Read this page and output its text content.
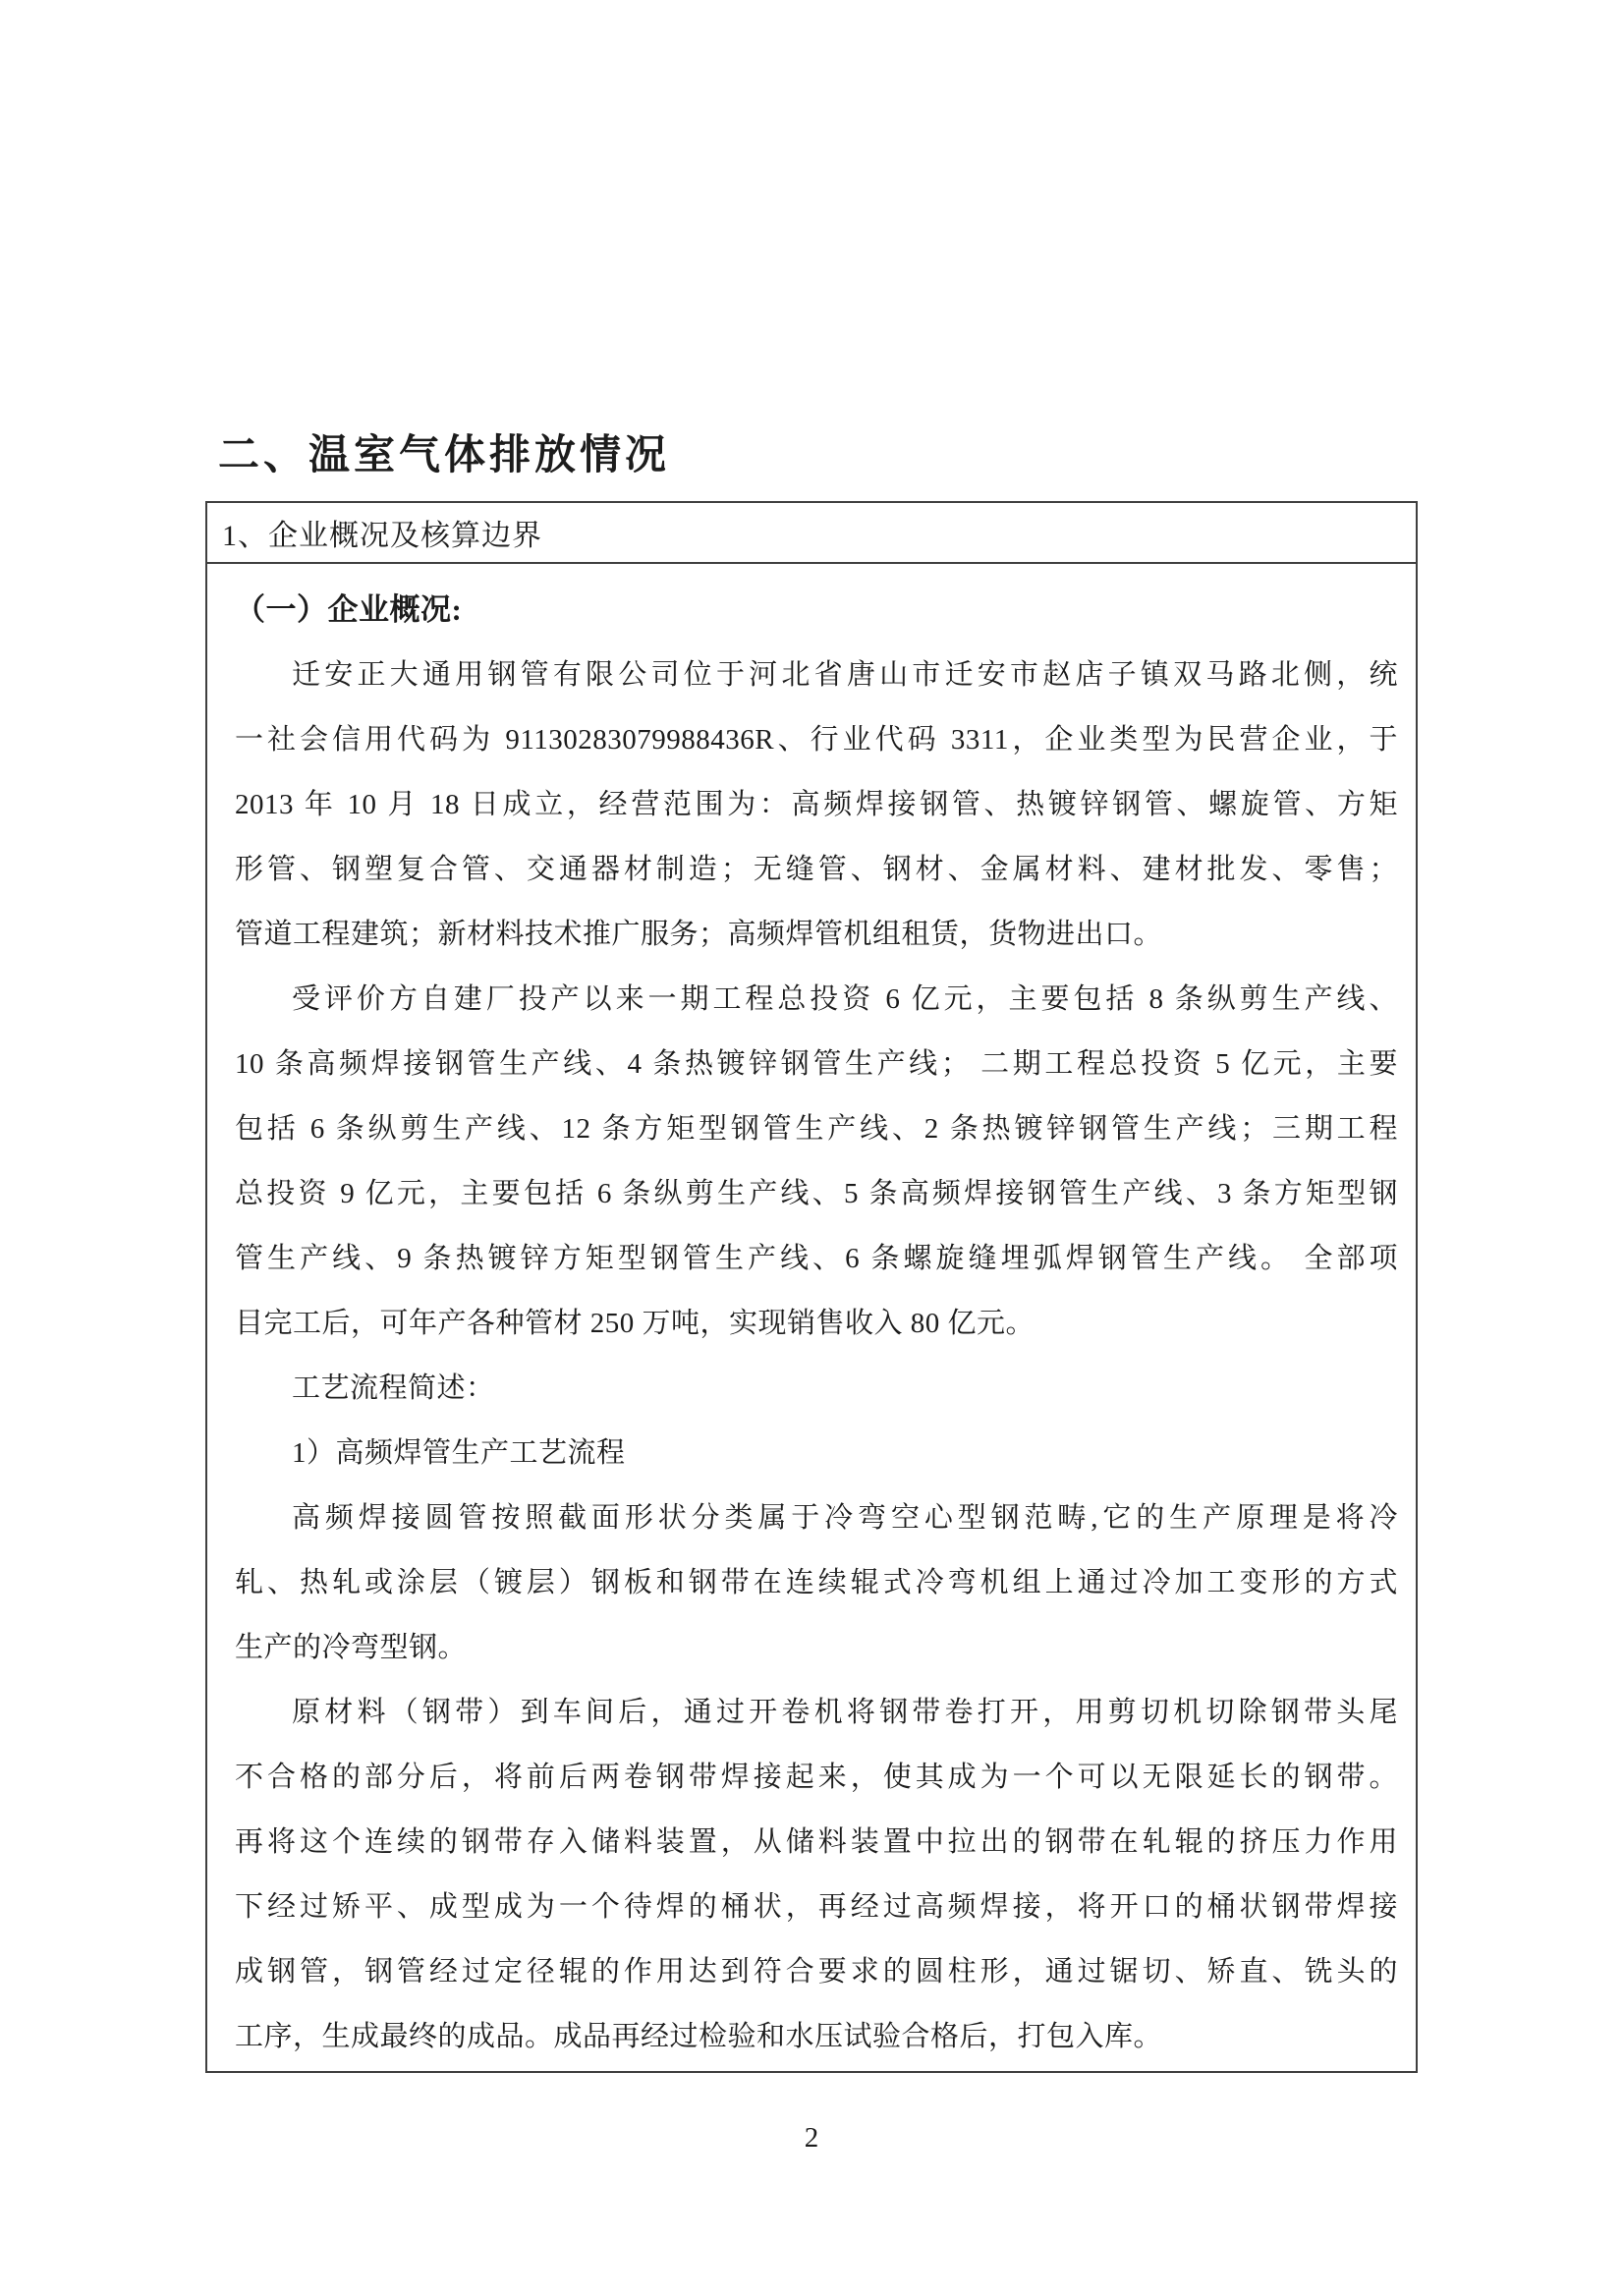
二、温室气体排放情况
1、企业概况及核算边界
（一）企业概况:
迁安正大通用钢管有限公司位于河北省唐山市迁安市赵店子镇双马路北侧，统
一社会信用代码为 91130283079988436R、行业代码 3311，企业类型为民营企业，于
2013 年 10 月 18 日成立，经营范围为：高频焊接钢管、热镀锌钢管、螺旋管、方矩
形管、钢塑复合管、交通器材制造；无缝管、钢材、金属材料、建材批发、零售；
管道工程建筑；新材料技术推广服务；高频焊管机组租赁，货物进出口。
受评价方自建厂投产以来一期工程总投资 6 亿元，主要包括 8 条纵剪生产线、
10 条高频焊接钢管生产线、4 条热镀锌钢管生产线； 二期工程总投资 5 亿元，主要
包括 6 条纵剪生产线、12 条方矩型钢管生产线、2 条热镀锌钢管生产线；三期工程
总投资 9 亿元，主要包括 6 条纵剪生产线、5 条高频焊接钢管生产线、3 条方矩型钢
管生产线、9 条热镀锌方矩型钢管生产线、6 条螺旋缝埋弧焊钢管生产线。 全部项
目完工后，可年产各种管材 250 万吨，实现销售收入 80 亿元。
工艺流程简述：
1）高频焊管生产工艺流程
高频焊接圆管按照截面形状分类属于冷弯空心型钢范畴,它的生产原理是将冷
轧、热轧或涂层（镀层）钢板和钢带在连续辊式冷弯机组上通过冷加工变形的方式
生产的冷弯型钢。
原材料（钢带）到车间后，通过开卷机将钢带卷打开，用剪切机切除钢带头尾
不合格的部分后，将前后两卷钢带焊接起来，使其成为一个可以无限延长的钢带。
再将这个连续的钢带存入储料装置，从储料装置中拉出的钢带在轧辊的挤压力作用
下经过矫平、成型成为一个待焊的桶状，再经过高频焊接，将开口的桶状钢带焊接
成钢管，钢管经过定径辊的作用达到符合要求的圆柱形，通过锯切、矫直、铣头的
工序，生成最终的成品。成品再经过检验和水压试验合格后，打包入库。
2
